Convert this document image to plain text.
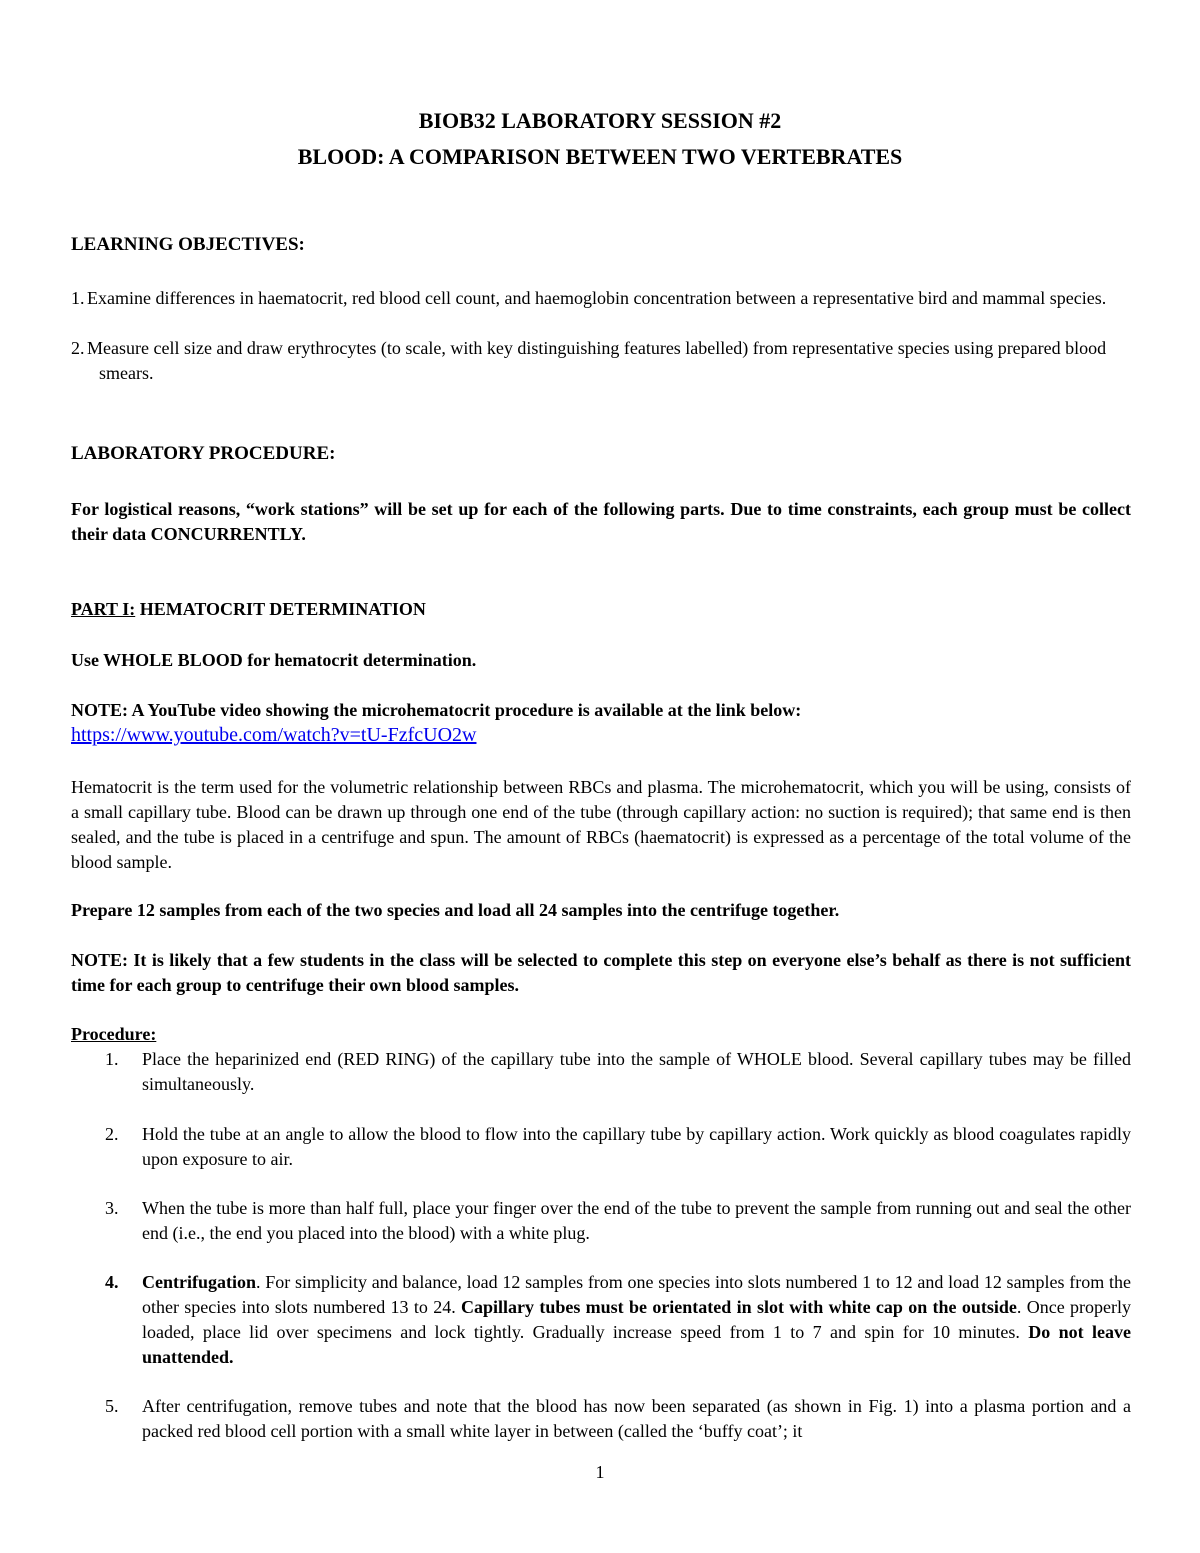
BIOB32 LABORATORY SESSION #2
BLOOD: A COMPARISON BETWEEN TWO VERTEBRATES
LEARNING OBJECTIVES:
1. Examine differences in haematocrit, red blood cell count, and haemoglobin concentration between a representative bird and mammal species.
2. Measure cell size and draw erythrocytes (to scale, with key distinguishing features labelled) from representative species using prepared blood smears.
LABORATORY PROCEDURE:
For logistical reasons, “work stations” will be set up for each of the following parts. Due to time constraints, each group must be collect their data CONCURRENTLY.
PART I: HEMATOCRIT DETERMINATION
Use WHOLE BLOOD for hematocrit determination.
NOTE: A YouTube video showing the microhematocrit procedure is available at the link below:
https://www.youtube.com/watch?v=tU-FzfcUO2w
Hematocrit is the term used for the volumetric relationship between RBCs and plasma. The microhematocrit, which you will be using, consists of a small capillary tube. Blood can be drawn up through one end of the tube (through capillary action: no suction is required); that same end is then sealed, and the tube is placed in a centrifuge and spun. The amount of RBCs (haematocrit) is expressed as a percentage of the total volume of the blood sample.
Prepare 12 samples from each of the two species and load all 24 samples into the centrifuge together.
NOTE: It is likely that a few students in the class will be selected to complete this step on everyone else’s behalf as there is not sufficient time for each group to centrifuge their own blood samples.
Procedure:
1.	Place the heparinized end (RED RING) of the capillary tube into the sample of WHOLE blood. Several capillary tubes may be filled simultaneously.
2.	Hold the tube at an angle to allow the blood to flow into the capillary tube by capillary action. Work quickly as blood coagulates rapidly upon exposure to air.
3.	When the tube is more than half full, place your finger over the end of the tube to prevent the sample from running out and seal the other end (i.e., the end you placed into the blood) with a white plug.
4.	Centrifugation. For simplicity and balance, load 12 samples from one species into slots numbered 1 to 12 and load 12 samples from the other species into slots numbered 13 to 24. Capillary tubes must be orientated in slot with white cap on the outside. Once properly loaded, place lid over specimens and lock tightly. Gradually increase speed from 1 to 7 and spin for 10 minutes. Do not leave unattended.
5.	After centrifugation, remove tubes and note that the blood has now been separated (as shown in Fig. 1) into a plasma portion and a packed red blood cell portion with a small white layer in between (called the ‘buffy coat’; it
1
